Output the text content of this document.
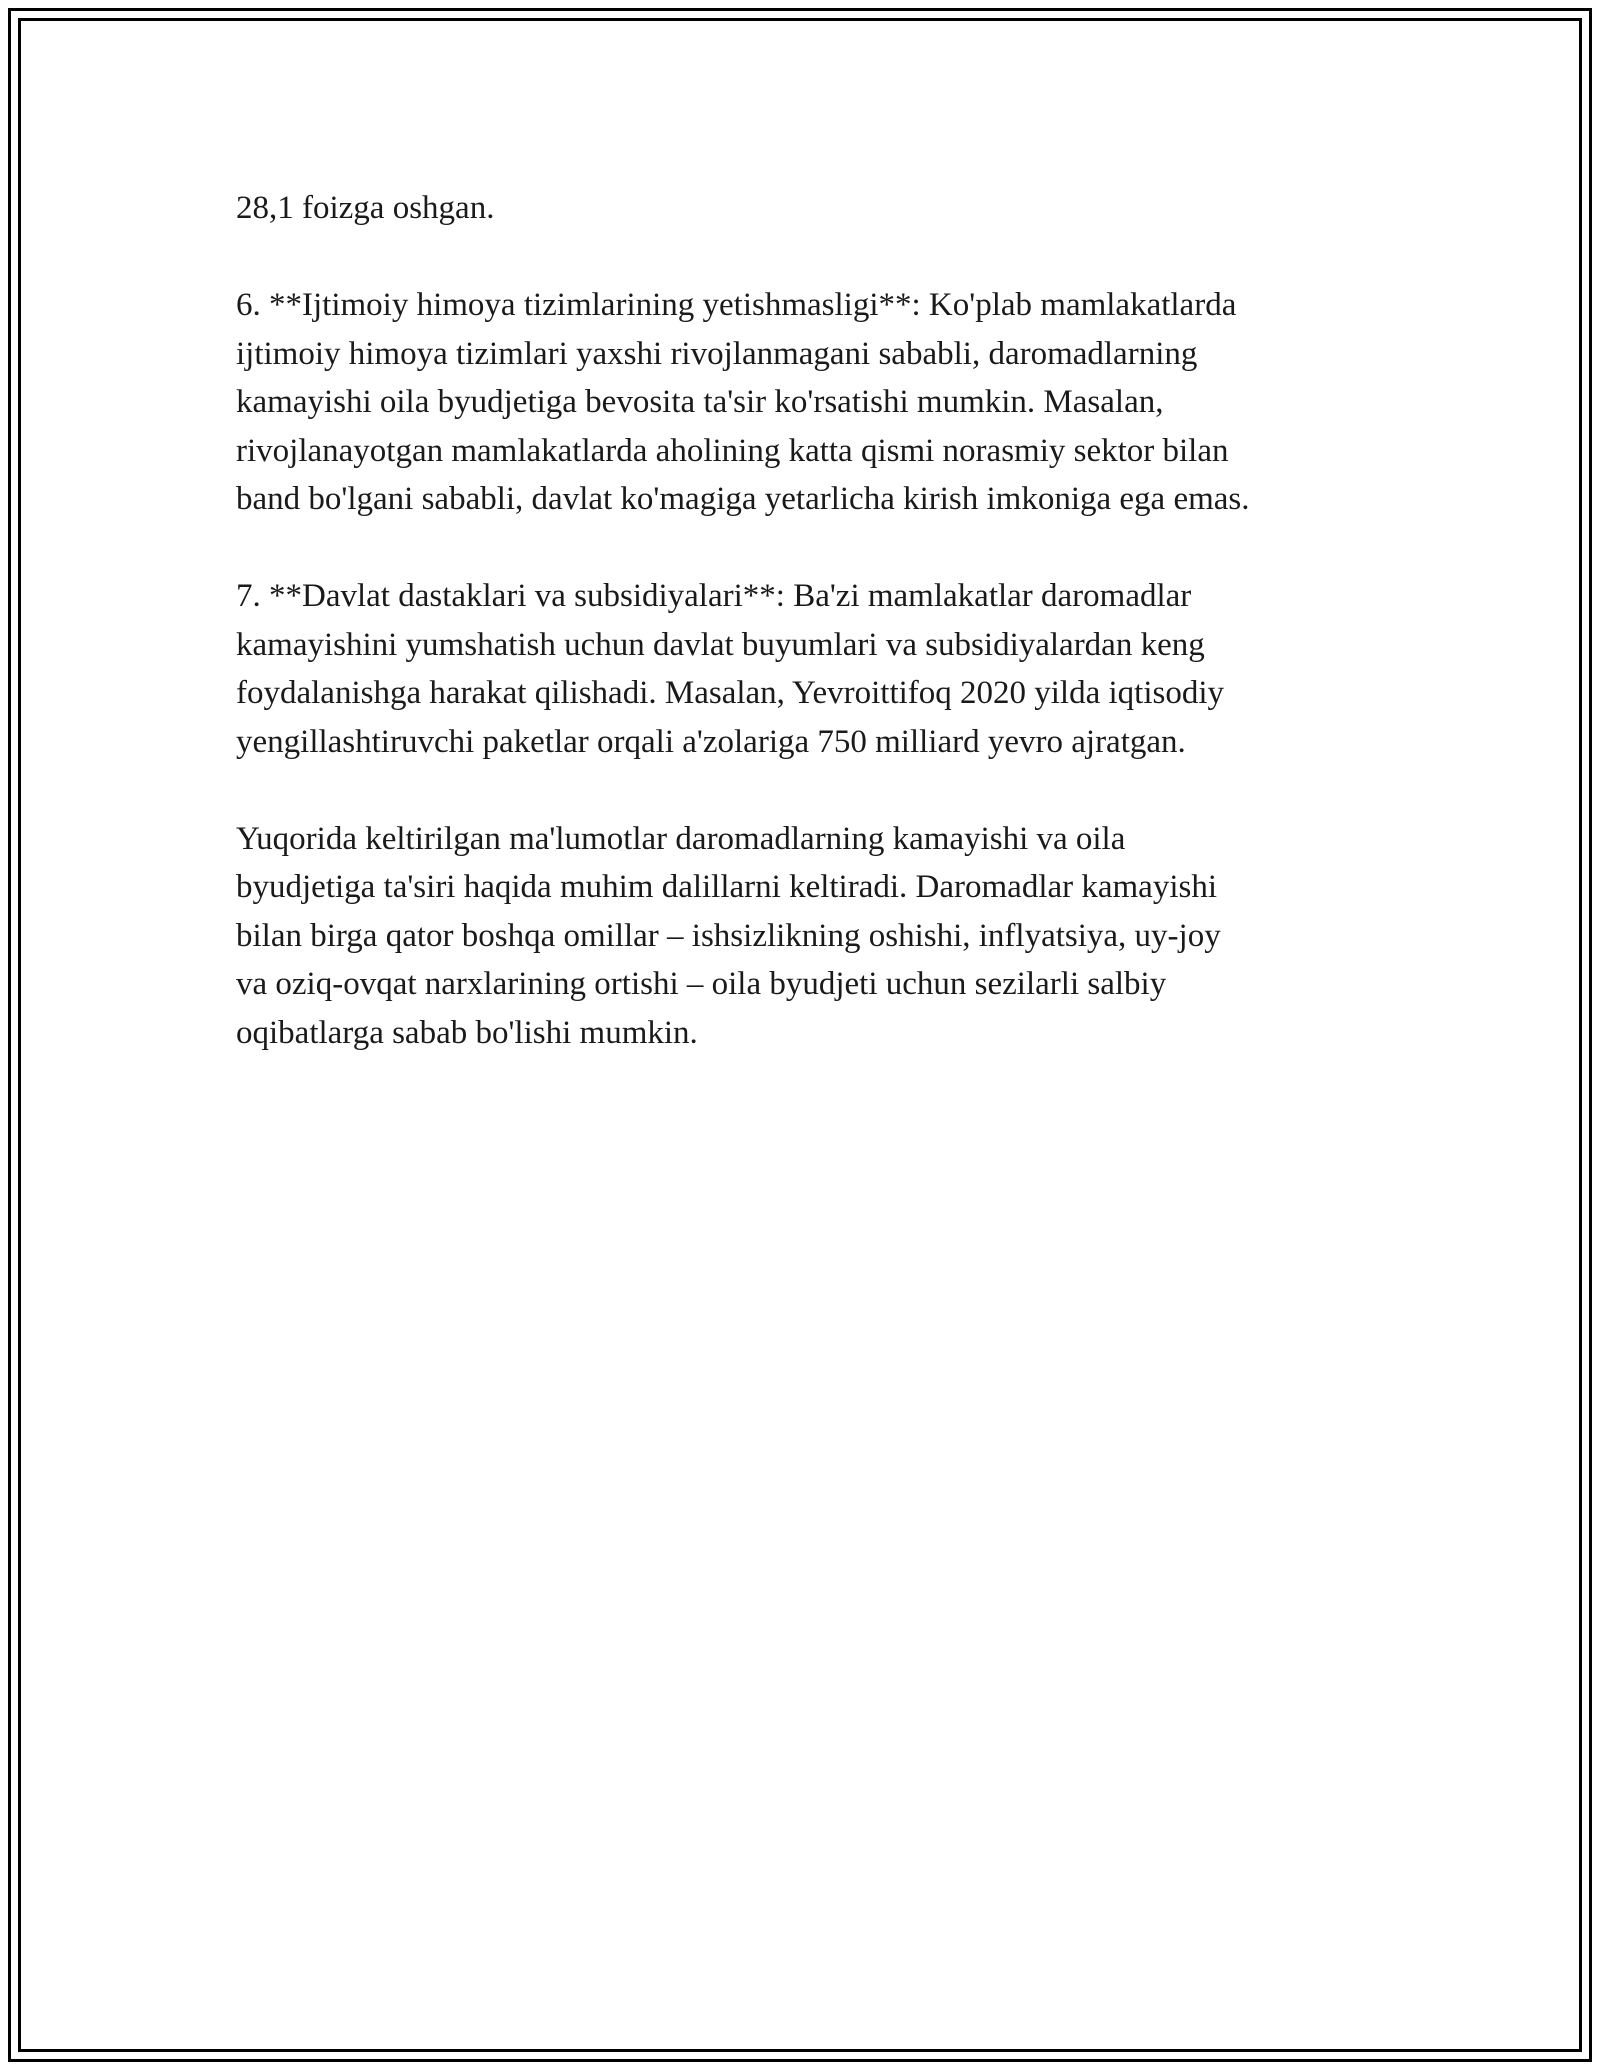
28,1 foizga oshgan.

6. **Ijtimoiy himoya tizimlarining yetishmasligi**: Ko'plab mamlakatlarda
ijtimoiy himoya tizimlari yaxshi rivojlanmagani sababli, daromadlarning
kamayishi oila byudjetiga bevosita ta'sir ko'rsatishi mumkin. Masalan,
rivojlanayotgan mamlakatlarda aholining katta qismi norasmiy sektor bilan
band bo'lgani sababli, davlat ko'magiga yetarlicha kirish imkoniga ega emas.

7. **Davlat dastaklari va subsidiyalari**: Ba'zi mamlakatlar daromadlar
kamayishini yumshatish uchun davlat buyumlari va subsidiyalardan keng
foydalanishga harakat qilishadi. Masalan, Yevroittifoq 2020 yilda iqtisodiy
yengillashtiruvchi paketlar orqali a'zolariga 750 milliard yevro ajratgan.

Yuqorida keltirilgan ma'lumotlar daromadlarning kamayishi va oila
byudjetiga ta'siri haqida muhim dalillarni keltiradi. Daromadlar kamayishi
bilan birga qator boshqa omillar – ishsizlikning oshishi, inflyatsiya, uy-joy
va oziq-ovqat narxlarining ortishi – oila byudjeti uchun sezilarli salbiy
oqibatlarga sabab bo'lishi mumkin.
